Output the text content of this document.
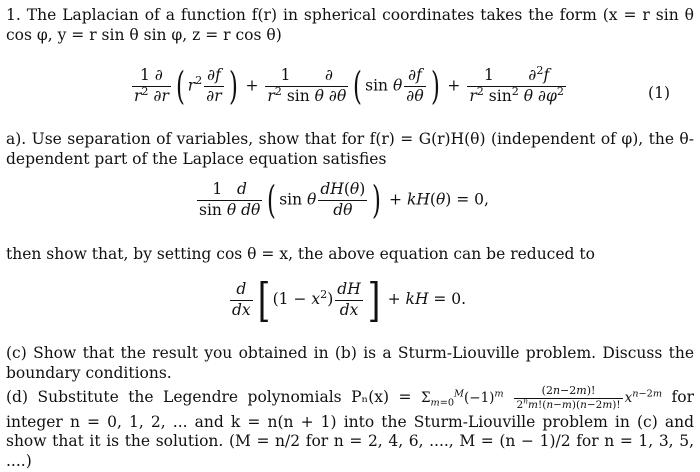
1. The Laplacian of a function f(r) in spherical coordinates takes the form (x = r sin θ cos φ, y = r sin θ sin φ, z = r cos θ)
$\frac{1 \partial}{r^2 \partial r}$ ( $r^2 \frac{\partial f}{\partial r}$ ) + $\frac{1 \partial}{r^2 \sin \theta \partial\theta}$ ( sin θ $\frac{\partial f}{\partial\theta}$ ) + $\frac{1 \partial^2f}{r^2 \sin^2 \theta \partial\varphi^2}$	(1)
a). Use separation of variables, show that for f(r) = G(r)H(θ) (independent of φ), the θ-dependent part of the Laplace equation satisfies
$\frac{1 d}{\text{sin θ dθ}}$ ( sin θ $\frac{dH(\theta)}{d\theta}$ ) + kH(θ) = 0,
then show that, by setting cos θ = x, the above equation can be reduced to
$\frac{d}{dx}$ [ $(1 - x^2) \frac{dH}{dx}$ ] + kH = 0.
(c) Show that the result you obtained in (b) is a Sturm-Liouville problem. Discuss the boundary conditions.
(d) Substitute the Legendre polynomials $P_n(x) = \Sigma_{m=0}^M(-1)^m \frac{(2n-2m)!}{2^nm!(n-m)(n-2m)!} x^{n-2m}$ for integer n = 0, 1, 2, ... and k = n(n + 1) into the Sturm-Liouville problem in (c) and show that it is the solution. (M = n/2 for n = 2, 4, 6, ...., M = (n − 1)/2 for n = 1, 3, 5, ....)
